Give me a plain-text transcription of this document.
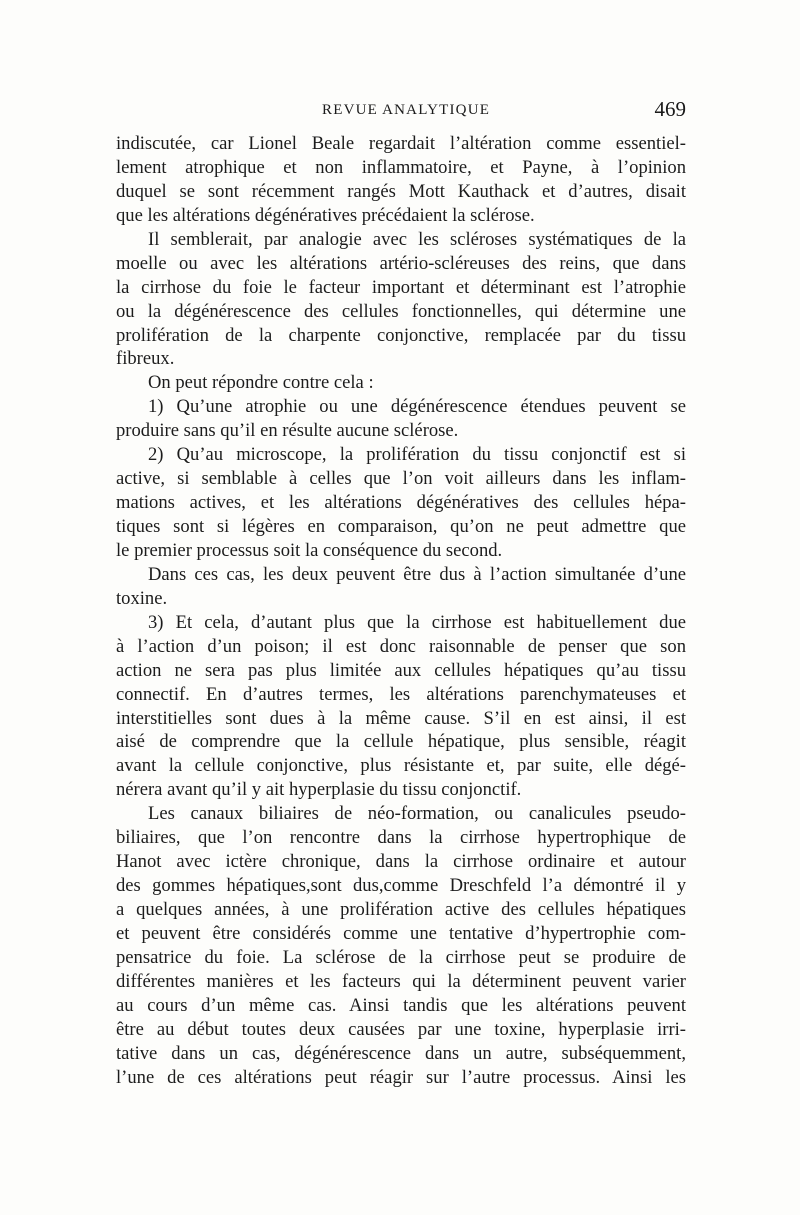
REVUE ANALYTIQUE	469
indiscutée, car Lionel Beale regardait l’altération comme essentiel-
lement atrophique et non inflammatoire, et Payne, à l’opinion
duquel se sont récemment rangés Mott Kauthack et d’autres, disait
que les altérations dégénératives précédaient la sclérose.
Il semblerait, par analogie avec les scléroses systématiques de la
moelle ou avec les altérations artério-scléreuses des reins, que dans
la cirrhose du foie le facteur important et déterminant est l’atrophie
ou la dégénérescence des cellules fonctionnelles, qui détermine une
prolifération de la charpente conjonctive, remplacée par du tissu
fibreux.
On peut répondre contre cela :
1) Qu’une atrophie ou une dégénérescence étendues peuvent se
produire sans qu’il en résulte aucune sclérose.
2) Qu’au microscope, la prolifération du tissu conjonctif est si
active, si semblable à celles que l’on voit ailleurs dans les inflam-
mations actives, et les altérations dégénératives des cellules hépa-
tiques sont si légères en comparaison, qu’on ne peut admettre que
le premier processus soit la conséquence du second.
Dans ces cas, les deux peuvent être dus à l’action simultanée d’une
toxine.
3) Et cela, d’autant plus que la cirrhose est habituellement due
à l’action d’un poison; il est donc raisonnable de penser que son
action ne sera pas plus limitée aux cellules hépatiques qu’au tissu
connectif. En d’autres termes, les altérations parenchymateuses et
interstitielles sont dues à la même cause. S’il en est ainsi, il est
aisé de comprendre que la cellule hépatique, plus sensible, réagit
avant la cellule conjonctive, plus résistante et, par suite, elle dégé-
nérera avant qu’il y ait hyperplasie du tissu conjonctif.
Les canaux biliaires de néo-formation, ou canalicules pseudo-
biliaires, que l’on rencontre dans la cirrhose hypertrophique de
Hanot avec ictère chronique, dans la cirrhose ordinaire et autour
des gommes hépatiques,sont dus,comme Dreschfeld l’a démontré il y
a quelques années, à une prolifération active des cellules hépatiques
et peuvent être considérés comme une tentative d’hypertrophie com-
pensatrice du foie. La sclérose de la cirrhose peut se produire de
différentes manières et les facteurs qui la déterminent peuvent varier
au cours d’un même cas. Ainsi tandis que les altérations peuvent
être au début toutes deux causées par une toxine, hyperplasie irri-
tative dans un cas, dégénérescence dans un autre, subséquemment,
l’une de ces altérations peut réagir sur l’autre processus. Ainsi les
